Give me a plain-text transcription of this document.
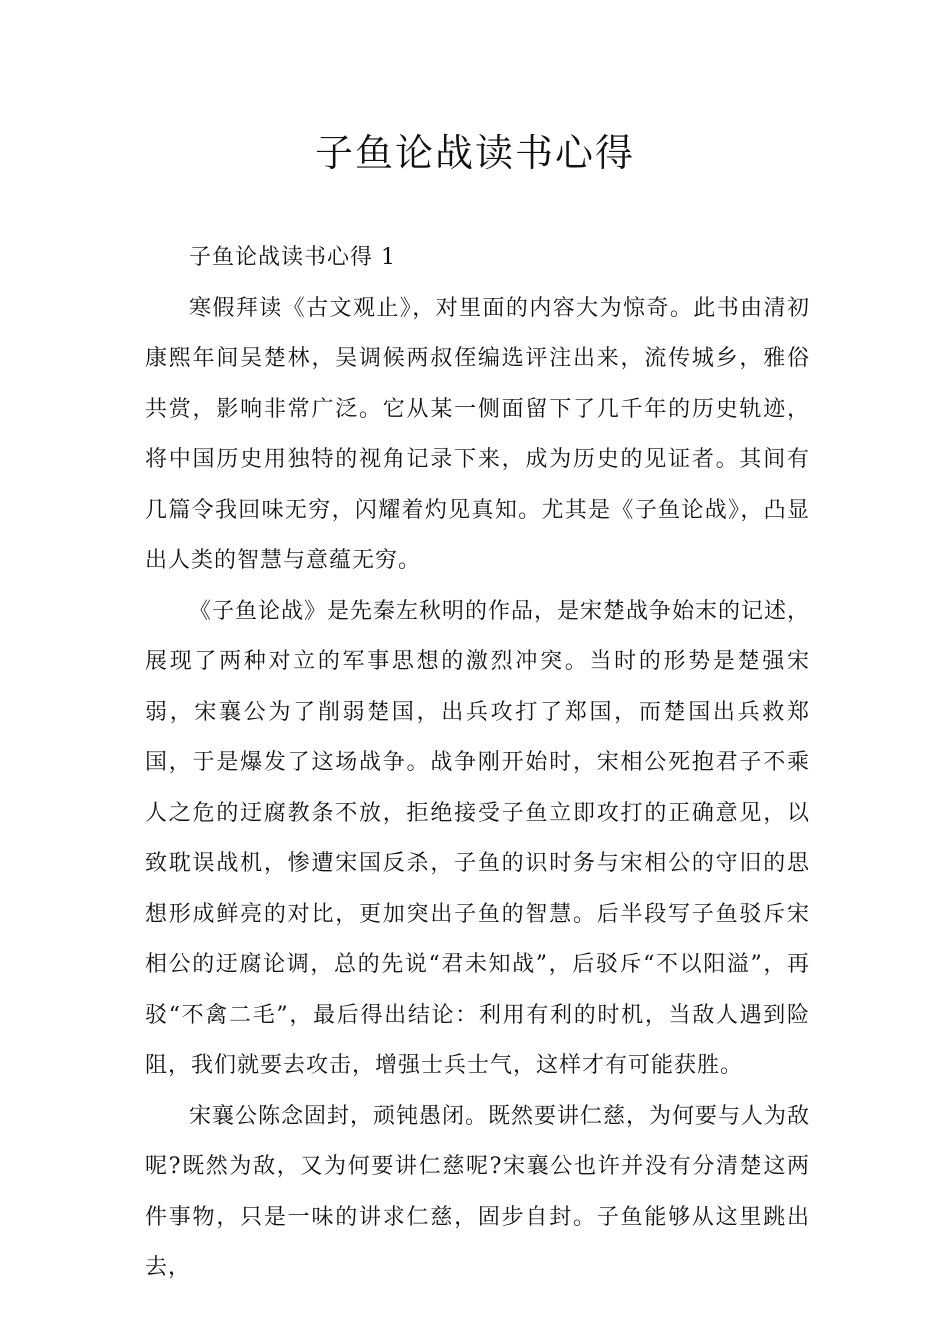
子鱼论战读书心得

子鱼论战读书心得 1

寒假拜读《古文观止》，对里面的内容大为惊奇。此书由清初康熙年间吴楚林，吴调候两叔侄编选评注出来，流传城乡，雅俗共赏，影响非常广泛。它从某一侧面留下了几千年的历史轨迹，将中国历史用独特的视角记录下来，成为历史的见证者。其间有几篇令我回味无穷，闪耀着灼见真知。尤其是《子鱼论战》，凸显出人类的智慧与意蕴无穷。

《子鱼论战》是先秦左秋明的作品，是宋楚战争始末的记述，展现了两种对立的军事思想的激烈冲突。当时的形势是楚强宋弱，宋襄公为了削弱楚国，出兵攻打了郑国，而楚国出兵救郑国，于是爆发了这场战争。战争刚开始时，宋相公死抱君子不乘人之危的迂腐教条不放，拒绝接受子鱼立即攻打的正确意见，以致耽误战机，惨遭宋国反杀，子鱼的识时务与宋相公的守旧的思想形成鲜亮的对比，更加突出子鱼的智慧。后半段写子鱼驳斥宋相公的迂腐论调，总的先说“君未知战”，后驳斥“不以阳溢”，再驳“不禽二毛”，最后得出结论：利用有利的时机，当敌人遇到险阻，我们就要去攻击，增强士兵士气，这样才有可能获胜。

宋襄公陈念固封，顽钝愚闭。既然要讲仁慈，为何要与人为敌呢?既然为敌，又为何要讲仁慈呢?宋襄公也许并没有分清楚这两件事物，只是一味的讲求仁慈，固步自封。子鱼能够从这里跳出去，
